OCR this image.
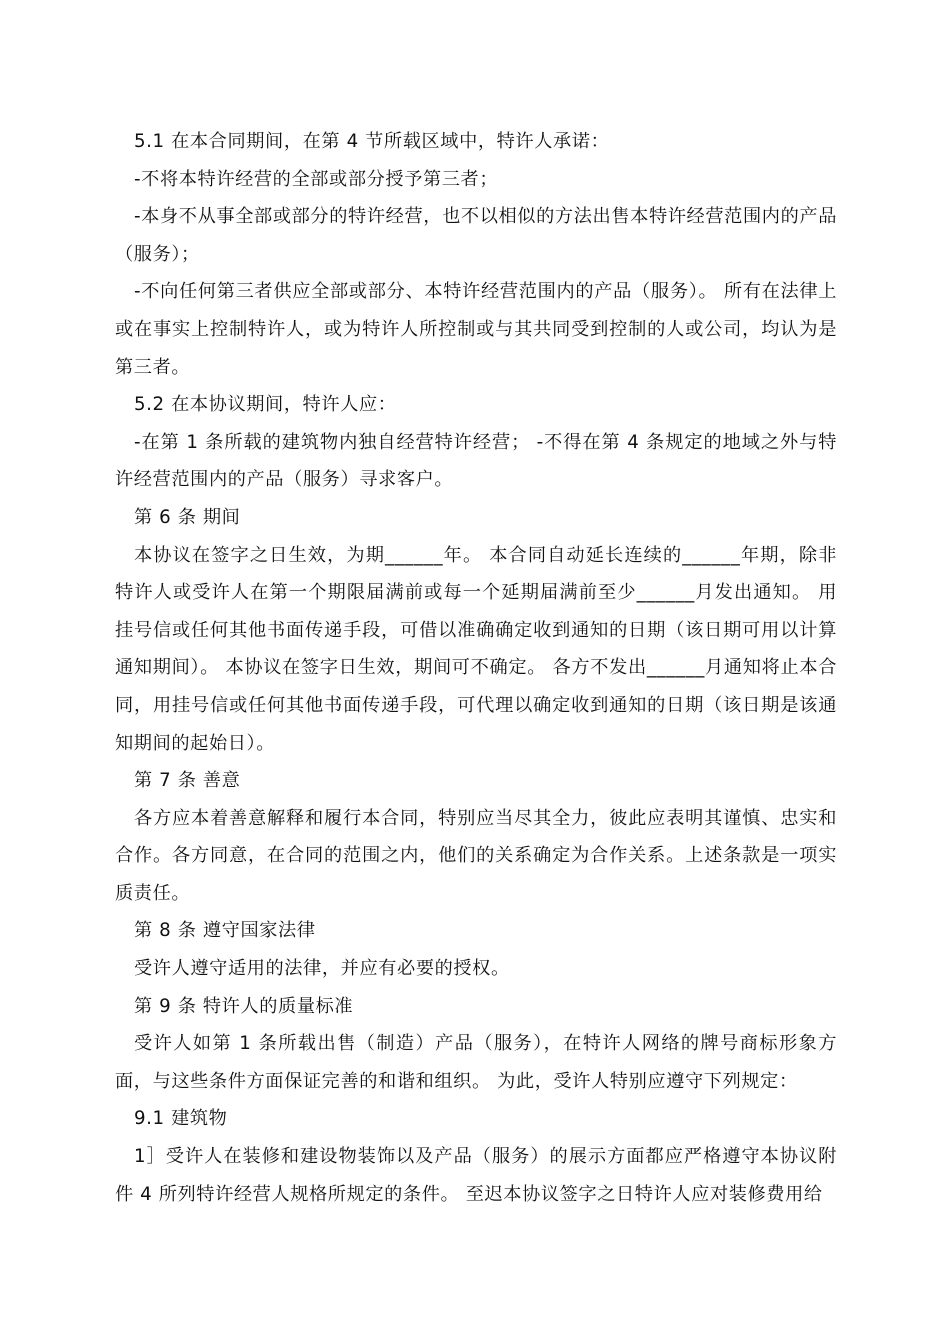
5.1 在本合同期间，在第 4 节所载区域中，特许人承诺：

-不将本特许经营的全部或部分授予第三者；

-本身不从事全部或部分的特许经营，也不以相似的方法出售本特许经营范围内的产品（服务）；

-不向任何第三者供应全部或部分、本特许经营范围内的产品（服务）。 所有在法律上或在事实上控制特许人，或为特许人所控制或与其共同受到控制的人或公司，均认为是第三者。

5.2 在本协议期间，特许人应：

-在第 1 条所载的建筑物内独自经营特许经营； -不得在第 4 条规定的地域之外与特许经营范围内的产品（服务）寻求客户。

第 6 条 期间

本协议在签字之日生效，为期______年。 本合同自动延长连续的______年期，除非特许人或受许人在第一个期限届满前或每一个延期届满前至少______月发出通知。 用挂号信或任何其他书面传递手段，可借以准确确定收到通知的日期（该日期可用以计算通知期间）。 本协议在签字日生效，期间可不确定。 各方不发出______月通知将止本合同，用挂号信或任何其他书面传递手段，可代理以确定收到通知的日期（该日期是该通知期间的起始日）。

第 7 条 善意

各方应本着善意解释和履行本合同，特别应当尽其全力，彼此应表明其谨慎、忠实和合作。各方同意，在合同的范围之内，他们的关系确定为合作关系。上述条款是一项实质责任。

第 8 条 遵守国家法律

受许人遵守适用的法律，并应有必要的授权。

第 9 条 特许人的质量标准

受许人如第 1 条所载出售（制造）产品（服务），在特许人网络的牌号商标形象方面，与这些条件方面保证完善的和谐和组织。 为此，受许人特别应遵守下列规定：

9.1 建筑物

1］受许人在装修和建设物装饰以及产品（服务）的展示方面都应严格遵守本协议附件 4 所列特许经营人规格所规定的条件。 至迟本协议签字之日特许人应对装修费用给
